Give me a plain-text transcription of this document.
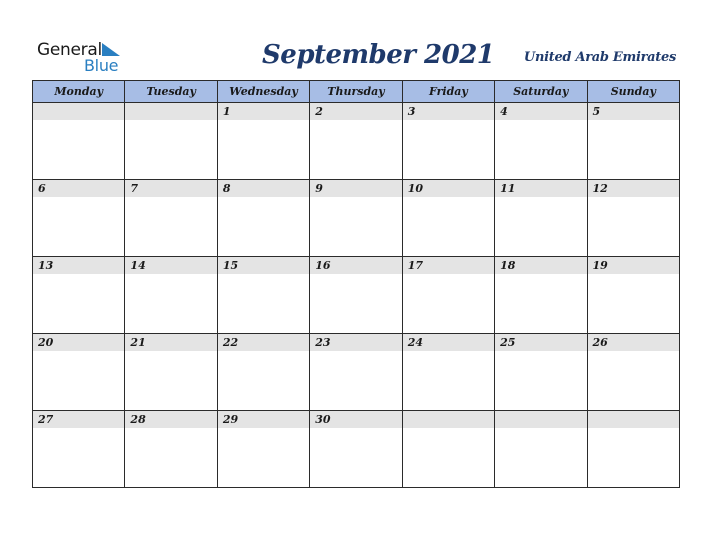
General
Blue	September 2021 United Arab Emirates
Monday	Tuesday	Wednesday	Thursday	Friday	Saturday	Sunday

		1	2	3	4	5

6	7	8	9	10	11	12

13	14	15	16	17	18	19

20	21	22	23	24	25	26

27	28	29	30			
